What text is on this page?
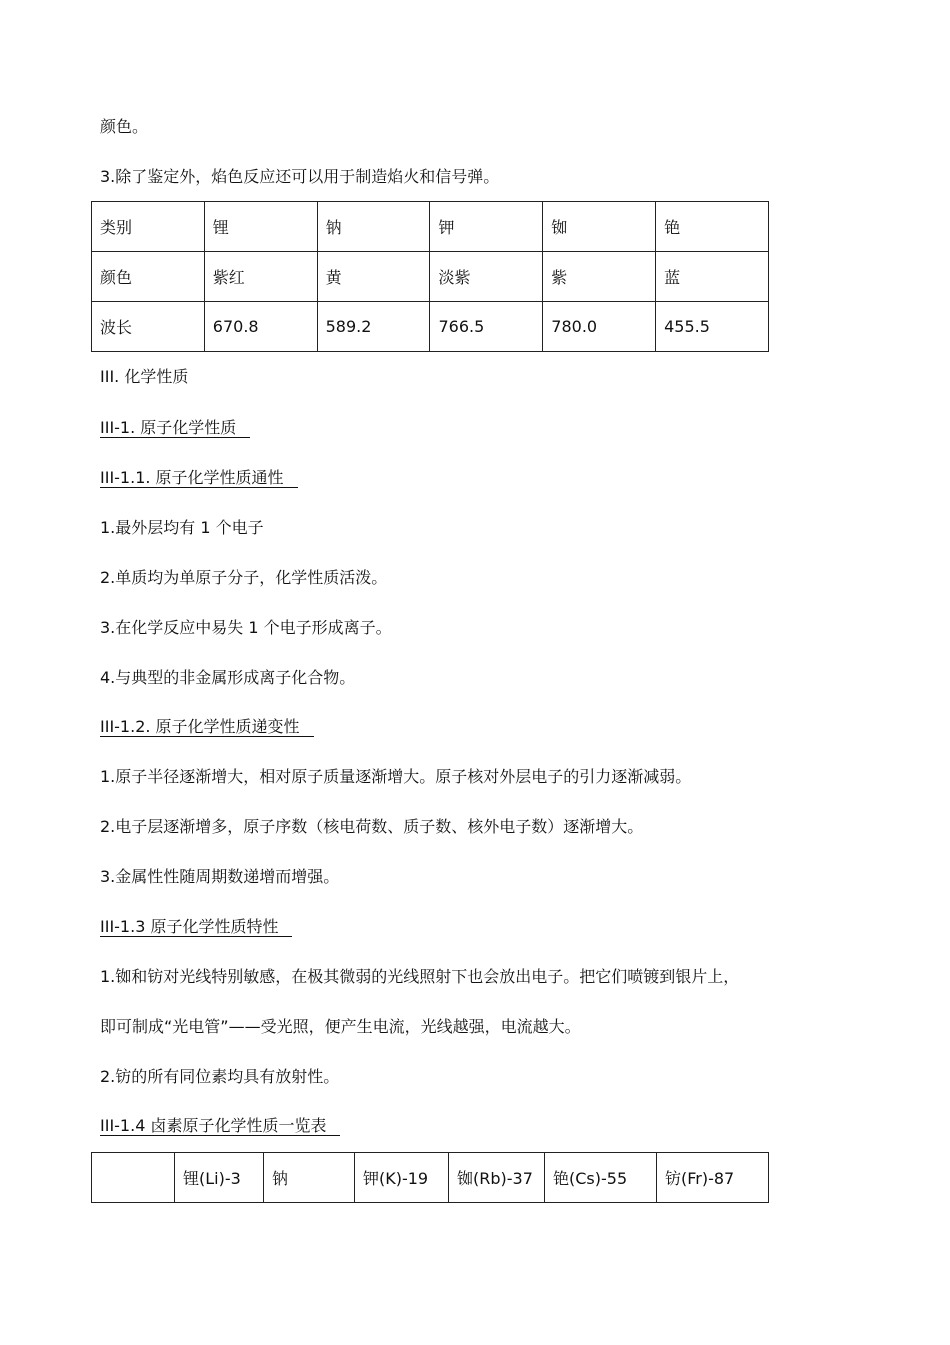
颜色。
3.除了鉴定外，焰色反应还可以用于制造焰火和信号弹。
类别	锂	钠	钾	铷	铯
颜色	紫红	黄	淡紫	紫	蓝
波长	670.8	589.2	766.5	780.0	455.5
III. 化学性质
III-1. 原子化学性质
III-1.1. 原子化学性质通性
1.最外层均有 1 个电子
2.单质均为单原子分子，化学性质活泼。
3.在化学反应中易失 1 个电子形成离子。
4.与典型的非金属形成离子化合物。
III-1.2. 原子化学性质递变性
1.原子半径逐渐增大，相对原子质量逐渐增大。原子核对外层电子的引力逐渐减弱。
2.电子层逐渐增多，原子序数（核电荷数、质子数、核外电子数）逐渐增大。
3.金属性性随周期数递增而增强。
III-1.3 原子化学性质特性
1.铷和钫对光线特别敏感，在极其微弱的光线照射下也会放出电子。把它们喷镀到银片上，
即可制成“光电管”——受光照，便产生电流，光线越强，电流越大。
2.钫的所有同位素均具有放射性。
III-1.4 卤素原子化学性质一览表
	锂(Li)-3	钠	钾(K)-19	铷(Rb)-37	铯(Cs)-55	钫(Fr)-87
